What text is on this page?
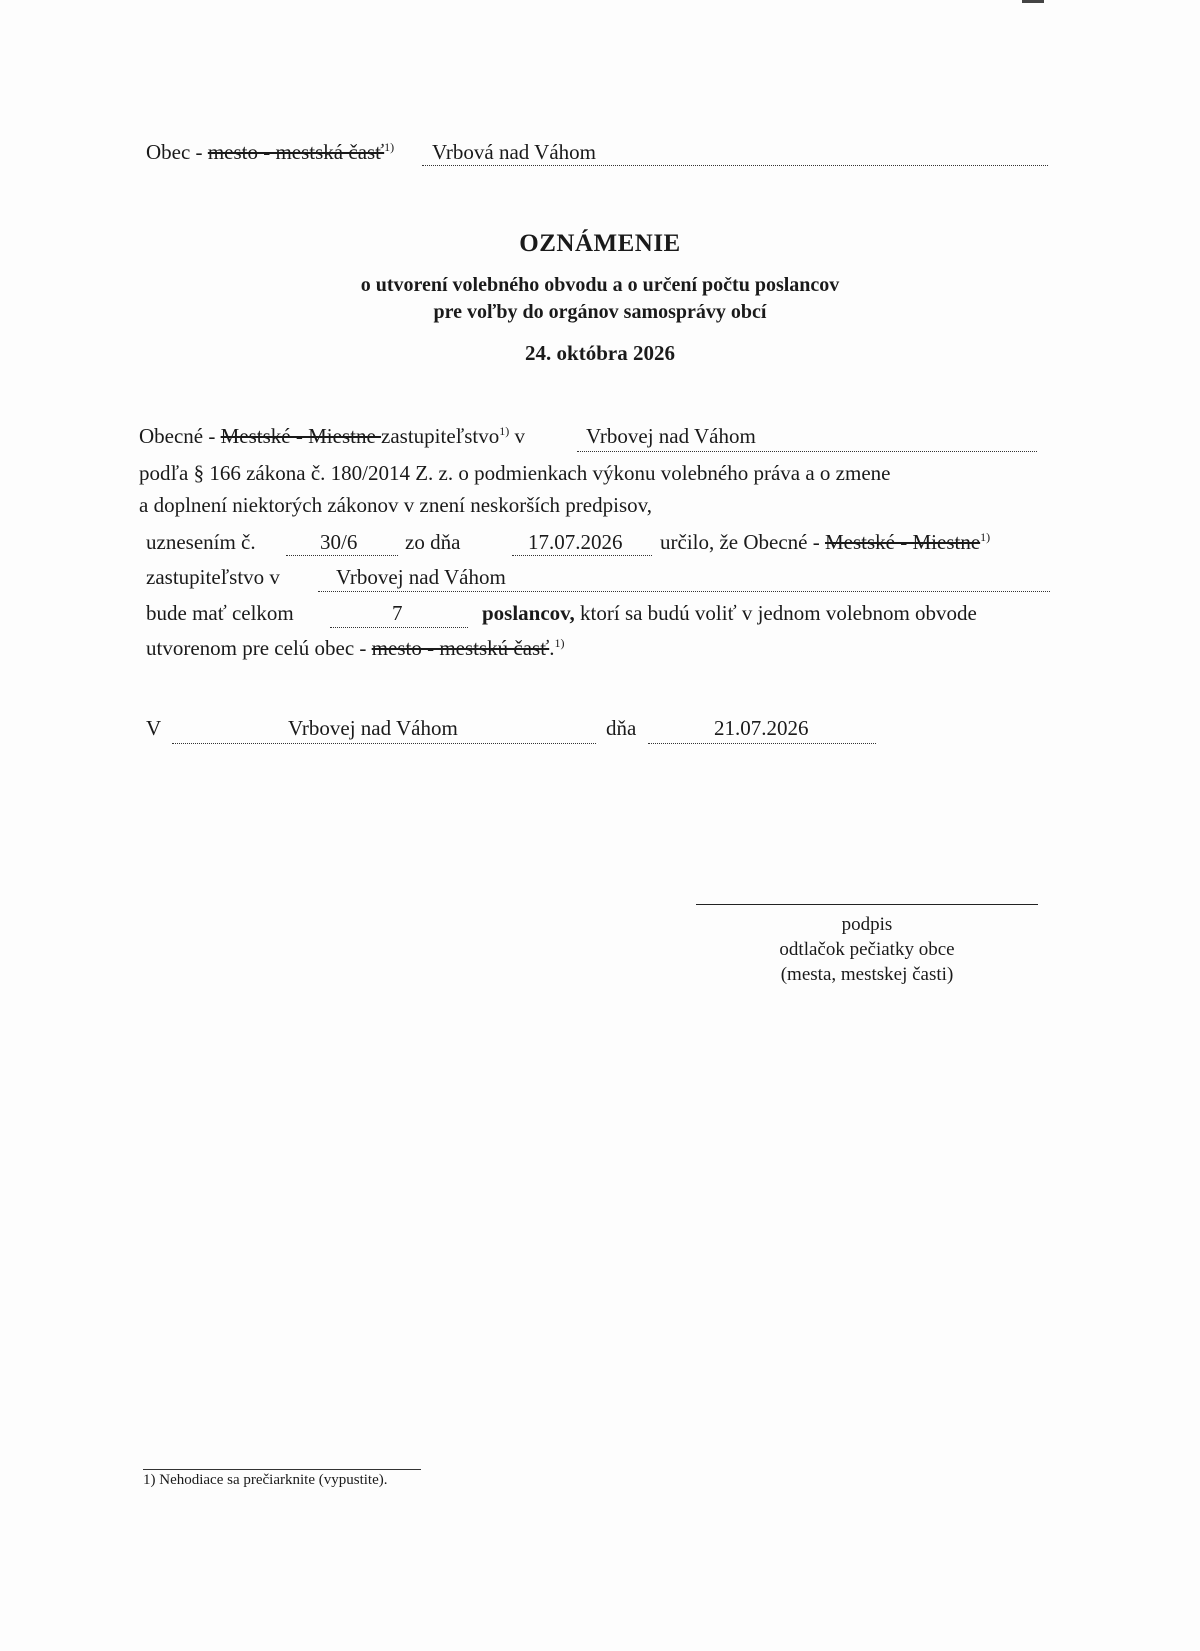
Obec - mesto - mestská časť$^{1)}$ Vrbová nad Váhom
OZNÁMENIE
o utvorení volebného obvodu a o určení počtu poslancov
pre voľby do orgánov samosprávy obcí
24. októbra 2026
Obecné - Mestské - Miestne zastupiteľstvo$^{1)}$ v	Vrbovej nad Váhom
podľa § 166 zákona č. 180/2014 Z. z. o podmienkach výkonu volebného práva a o zmene
a doplnení niektorých zákonov v znení neskorších predpisov,
uznesením č.	30/6 zo dňa	17.07.2026 určilo, že Obecné - Mestské - Miestne$^{1)}$
zastupiteľstvo v	Vrbovej nad Váhom
bude mať celkom	7	poslancov, ktorí sa budú voliť v jednom volebnom obvode
utvorenom pre celú obec - mesto - mestskú časť.$^{1)}$
V	Vrbovej nad Váhom	dňa	21.07.2026
podpis
odtlačok pečiatky obce
(mesta, mestskej časti)
1) Nehodiace sa prečiarknite (vypustite).
